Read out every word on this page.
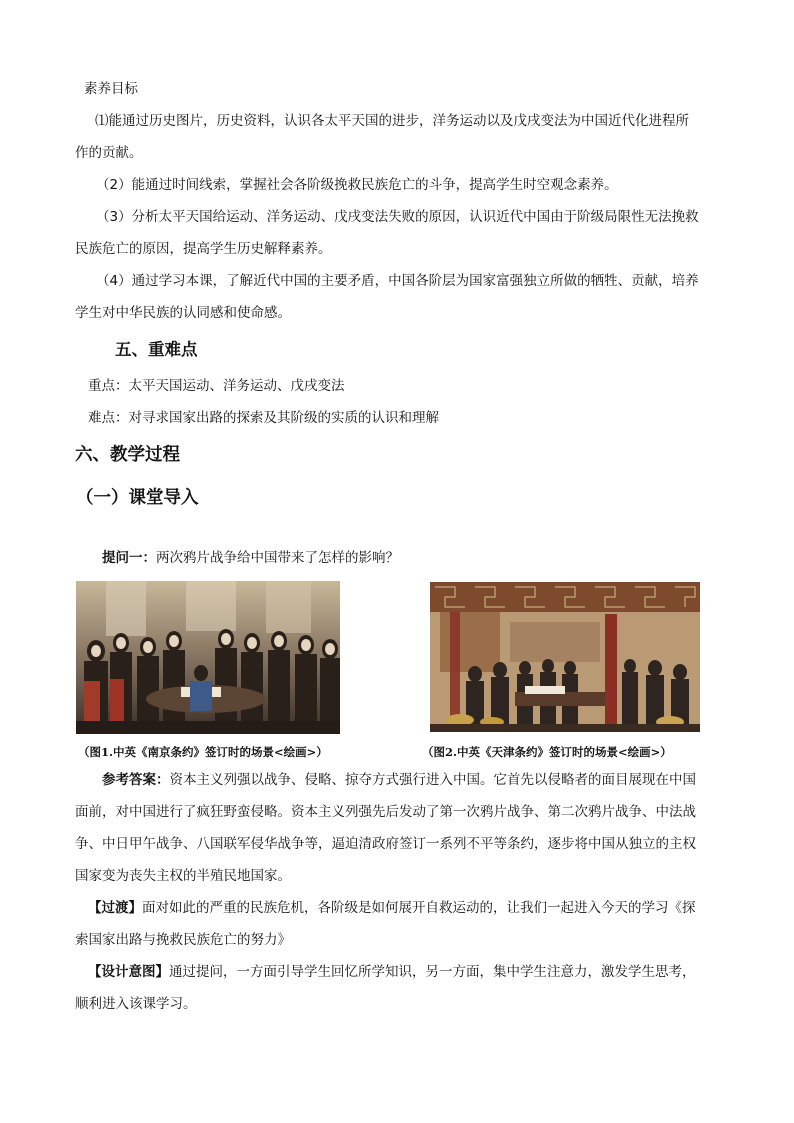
素养目标
⑴能通过历史图片，历史资料，认识各太平天国的进步，洋务运动以及戊戌变法为中国近代化进程所
作的贡献。
（2）能通过时间线索，掌握社会各阶级挽救民族危亡的斗争，提高学生时空观念素养。
（3）分析太平天国给运动、洋务运动、戊戌变法失败的原因，认识近代中国由于阶级局限性无法挽救
民族危亡的原因，提高学生历史解释素养。
（4）通过学习本课，了解近代中国的主要矛盾，中国各阶层为国家富强独立所做的牺牲、贡献，培养
学生对中华民族的认同感和使命感。
五、重难点
重点：太平天国运动、洋务运动、戊戌变法
难点：对寻求国家出路的探索及其阶级的实质的认识和理解
六、教学过程
（一）课堂导入
提问一：两次鸦片战争给中国带来了怎样的影响？
（图1.中英《南京条约》签订时的场景<绘画>）	（图2.中英《天津条约》签订时的场景<绘画>）
参考答案：资本主义列强以战争、侵略、掠夺方式强行进入中国。它首先以侵略者的面目展现在中国
面前，对中国进行了疯狂野蛮侵略。资本主义列强先后发动了第一次鸦片战争、第二次鸦片战争、中法战
争、中日甲午战争、八国联军侵华战争等，逼迫清政府签订一系列不平等条约，逐步将中国从独立的主权
国家变为丧失主权的半殖民地国家。
【过渡】面对如此的严重的民族危机，各阶级是如何展开自救运动的，让我们一起进入今天的学习《探
索国家出路与挽救民族危亡的努力》
【设计意图】通过提问，一方面引导学生回忆所学知识，另一方面，集中学生注意力，激发学生思考，
顺利进入该课学习。
